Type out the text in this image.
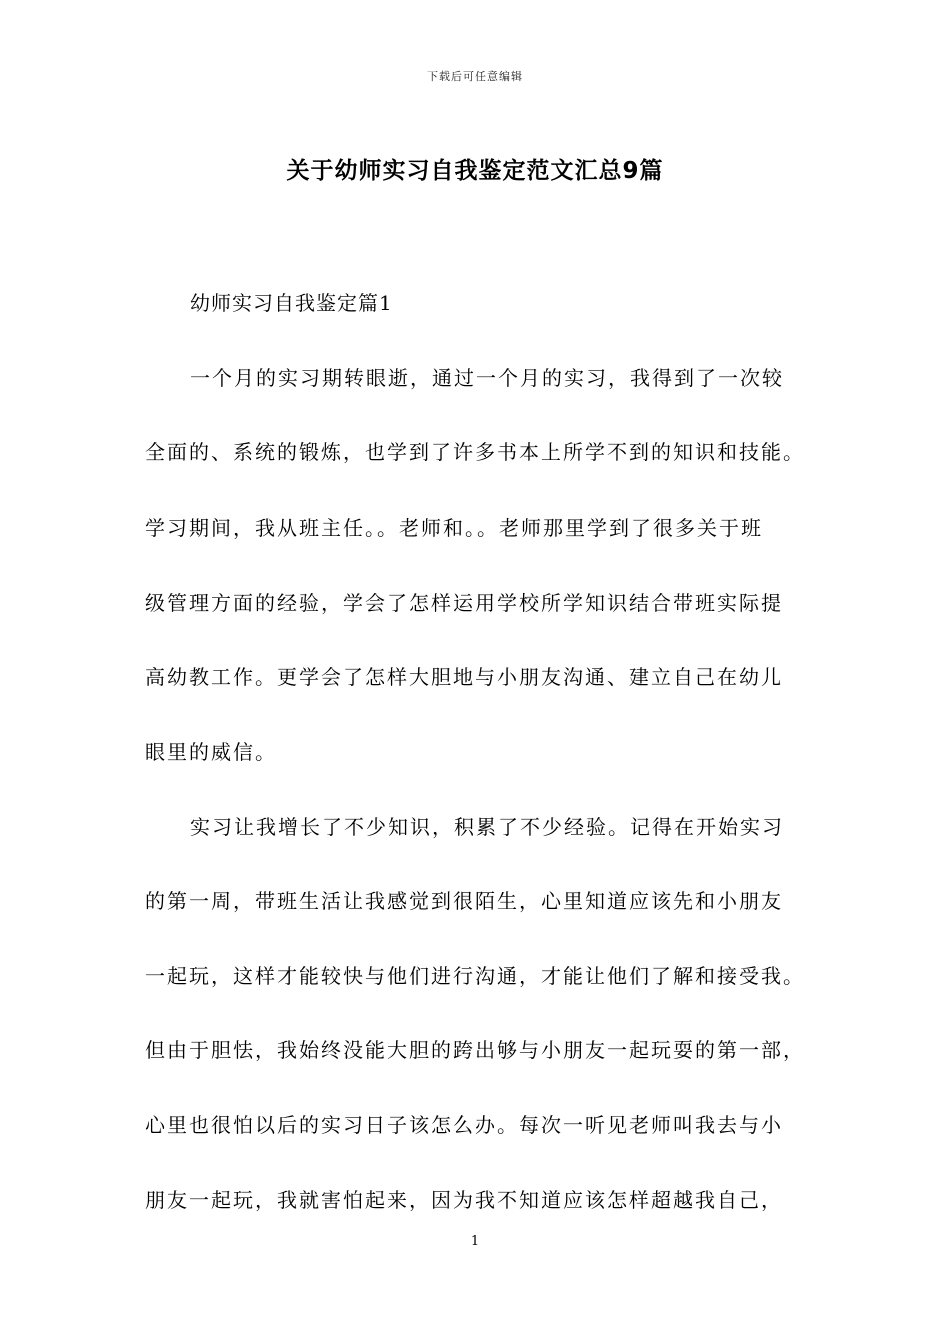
下载后可任意编辑
关于幼师实习自我鉴定范文汇总9篇
幼师实习自我鉴定篇1
一个月的实习期转眼逝，通过一个月的实习，我得到了一次较
全面的、系统的锻炼，也学到了许多书本上所学不到的知识和技能。
学习期间，我从班主任。。老师和。。老师那里学到了很多关于班
级管理方面的经验，学会了怎样运用学校所学知识结合带班实际提
高幼教工作。更学会了怎样大胆地与小朋友沟通、建立自己在幼儿
眼里的威信。
实习让我增长了不少知识，积累了不少经验。记得在开始实习
的第一周，带班生活让我感觉到很陌生，心里知道应该先和小朋友
一起玩，这样才能较快与他们进行沟通，才能让他们了解和接受我。
但由于胆怯，我始终没能大胆的跨出够与小朋友一起玩耍的第一部，
心里也很怕以后的实习日子该怎么办。每次一听见老师叫我去与小
朋友一起玩，我就害怕起来，因为我不知道应该怎样超越我自己，
1
